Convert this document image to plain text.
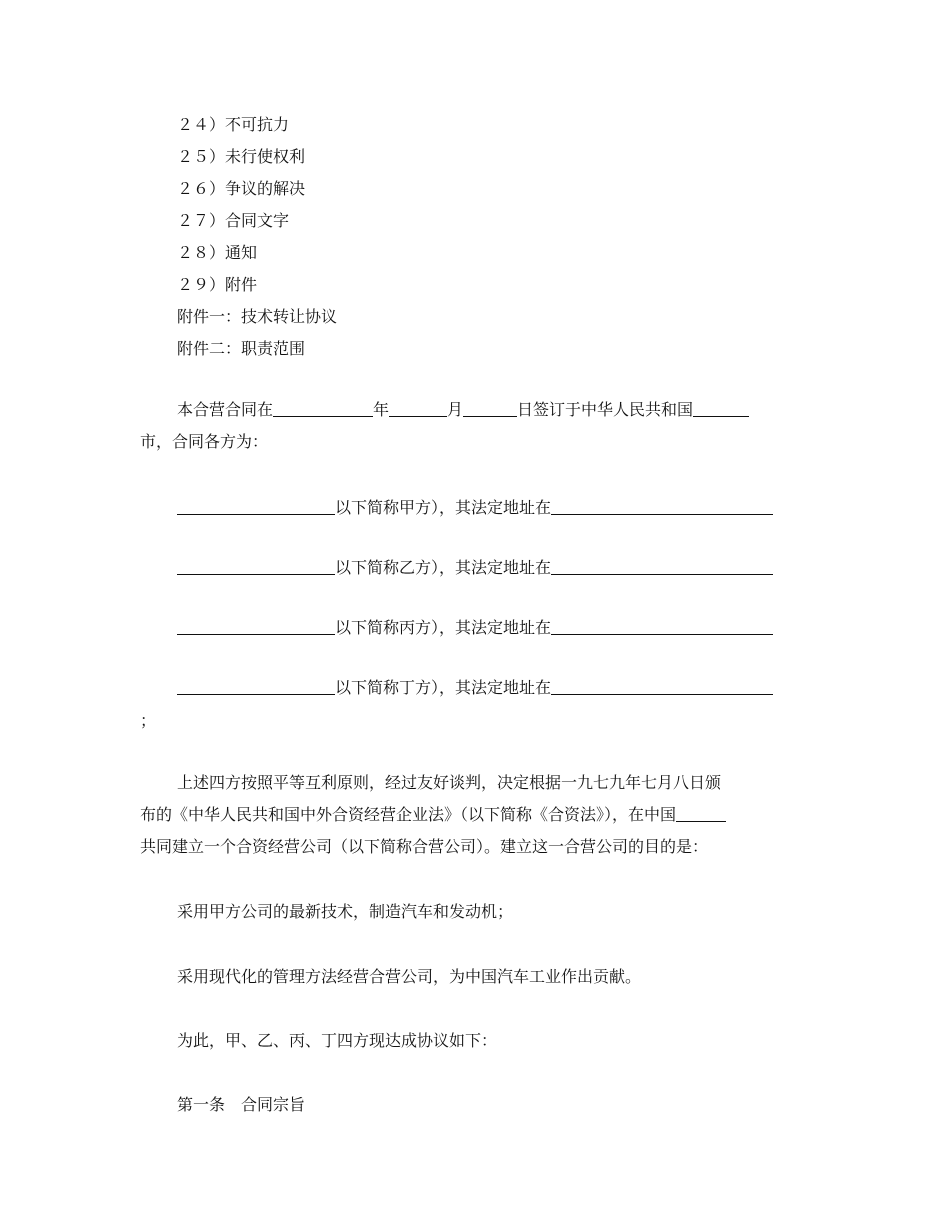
２４）不可抗力
２５）未行使权利
２６）争议的解决
２７）合同文字
２８）通知
２９）附件
附件一：技术转让协议
附件二：职责范围
本合营合同在	年	月	日签订于中华人民共和国
市，合同各方为：
以下简称甲方），其法定地址在
以下简称乙方），其法定地址在
以下简称丙方），其法定地址在
以下简称丁方），其法定地址在
；
上述四方按照平等互利原则，经过友好谈判，决定根据一九七九年七月八日颁
布的《中华人民共和国中外合资经营企业法》（以下简称《合资法》），在中国
共同建立一个合资经营公司（以下简称合营公司）。建立这一合营公司的目的是：
采用甲方公司的最新技术，制造汽车和发动机；
采用现代化的管理方法经营合营公司，为中国汽车工业作出贡献。
为此，甲、乙、丙、丁四方现达成协议如下：
第一条　合同宗旨
